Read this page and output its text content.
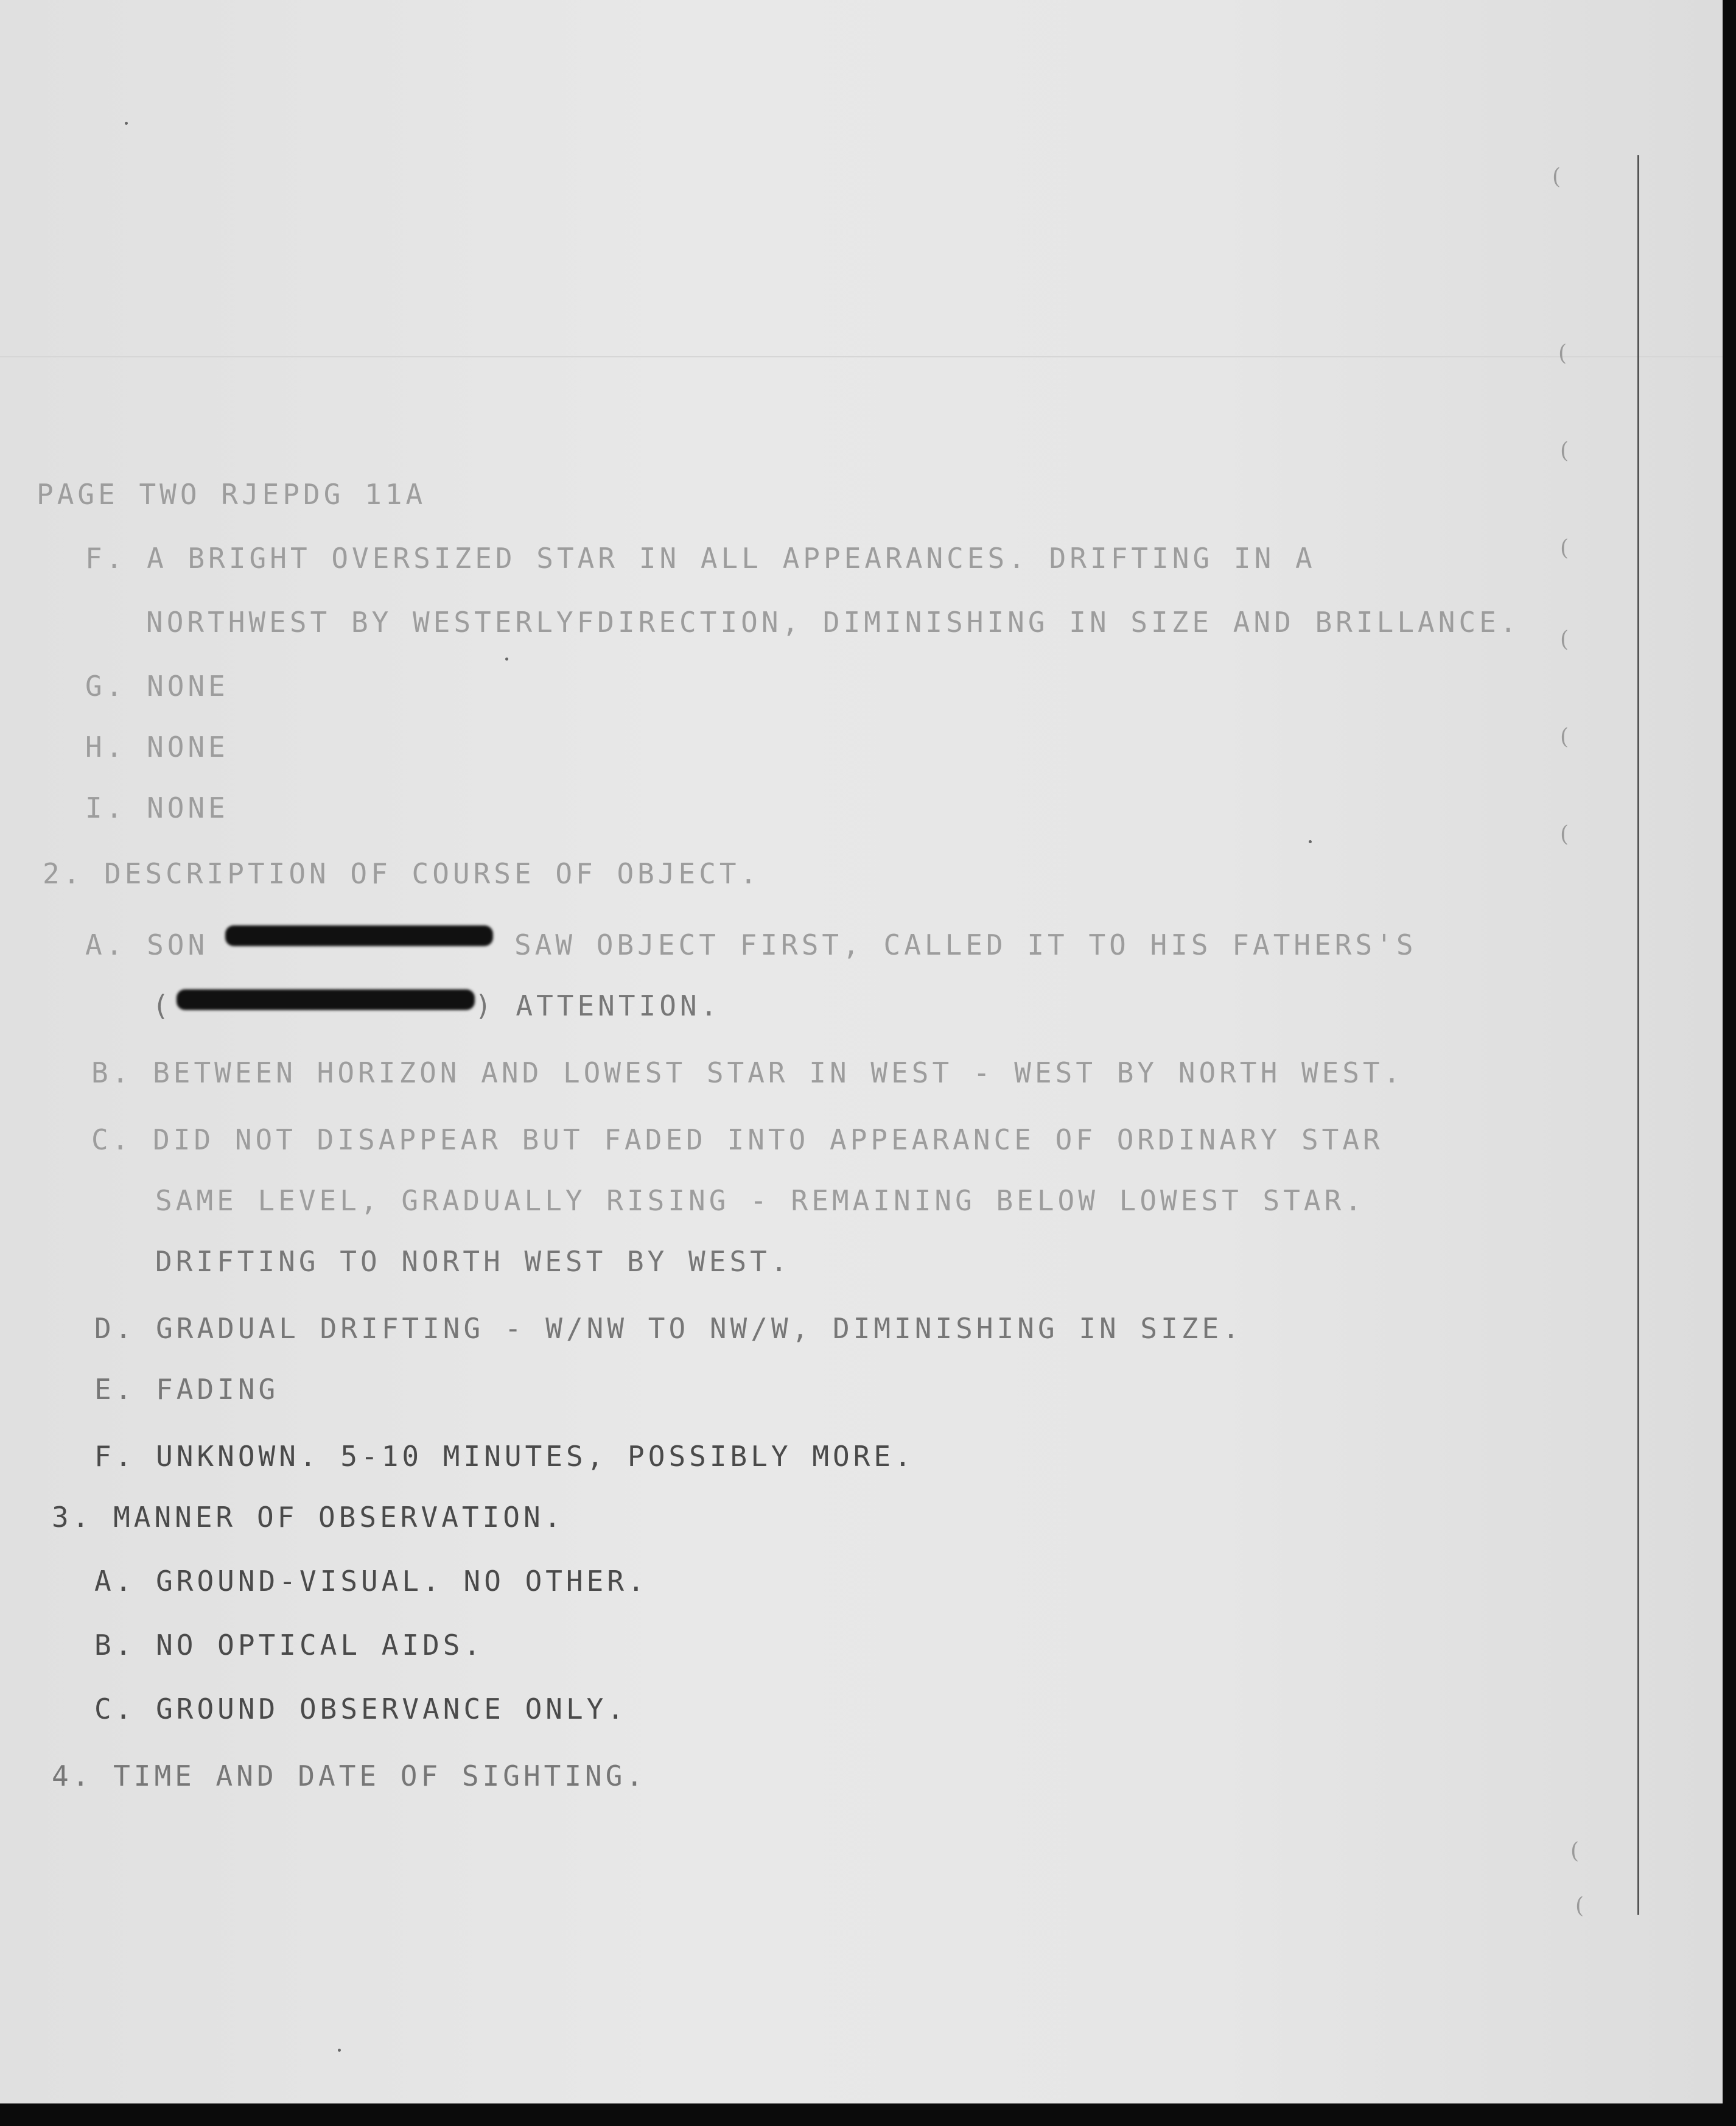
(
(
(
(
(
(
(
(
(

PAGE TWO RJEPDG 11A

F. A BRIGHT OVERSIZED STAR IN ALL APPEARANCES. DRIFTING IN A

NORTHWEST BY WESTERLYFDIRECTION, DIMINISHING IN SIZE AND BRILLANCE.

G. NONE

H. NONE

I. NONE

2. DESCRIPTION OF COURSE OF OBJECT.

A. SON

	SAW OBJECT FIRST, CALLED IT TO HIS FATHERS'S

(

	) ATTENTION.

B. BETWEEN HORIZON AND LOWEST STAR IN WEST - WEST BY NORTH WEST.

C. DID NOT DISAPPEAR BUT FADED INTO APPEARANCE OF ORDINARY STAR

SAME LEVEL, GRADUALLY RISING - REMAINING BELOW LOWEST STAR.

DRIFTING TO NORTH WEST BY WEST.

D. GRADUAL DRIFTING - W/NW TO NW/W, DIMINISHING IN SIZE.

E. FADING

F. UNKNOWN. 5-10 MINUTES, POSSIBLY MORE.

3. MANNER OF OBSERVATION.

A. GROUND-VISUAL. NO OTHER.

B. NO OPTICAL AIDS.

C. GROUND OBSERVANCE ONLY.

4. TIME AND DATE OF SIGHTING.
